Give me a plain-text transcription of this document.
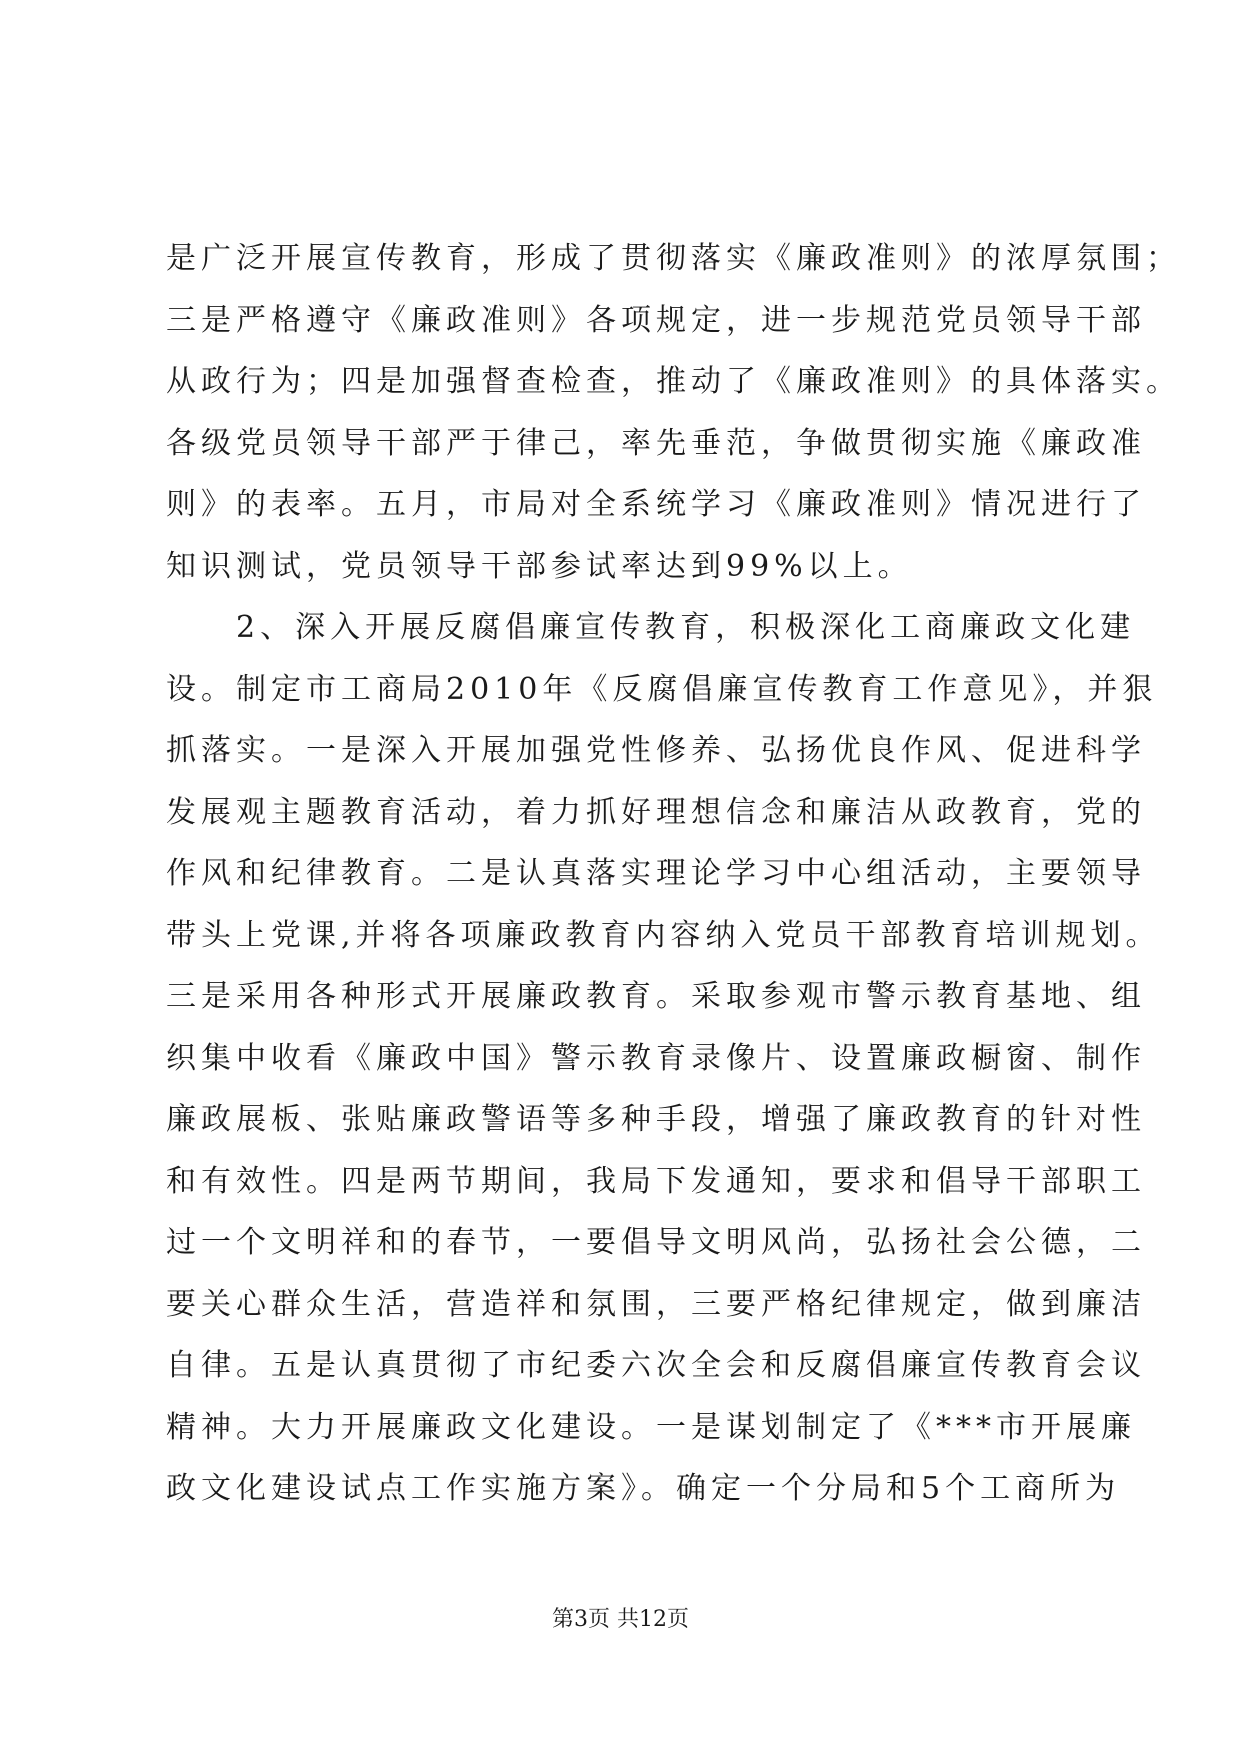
是广泛开展宣传教育，形成了贯彻落实《廉政准则》的浓厚氛围；
三是严格遵守《廉政准则》各项规定，进一步规范党员领导干部
从政行为；四是加强督查检查，推动了《廉政准则》的具体落实。
各级党员领导干部严于律己，率先垂范，争做贯彻实施《廉政准
则》的表率。五月，市局对全系统学习《廉政准则》情况进行了
知识测试，党员领导干部参试率达到99%以上。
　　2、深入开展反腐倡廉宣传教育，积极深化工商廉政文化建
设。制定市工商局2010年《反腐倡廉宣传教育工作意见》，并狠
抓落实。一是深入开展加强党性修养、弘扬优良作风、促进科学
发展观主题教育活动，着力抓好理想信念和廉洁从政教育，党的
作风和纪律教育。二是认真落实理论学习中心组活动，主要领导
带头上党课,并将各项廉政教育内容纳入党员干部教育培训规划。
三是采用各种形式开展廉政教育。采取参观市警示教育基地、组
织集中收看《廉政中国》警示教育录像片、设置廉政橱窗、制作
廉政展板、张贴廉政警语等多种手段，增强了廉政教育的针对性
和有效性。四是两节期间，我局下发通知，要求和倡导干部职工
过一个文明祥和的春节，一要倡导文明风尚，弘扬社会公德，二
要关心群众生活，营造祥和氛围，三要严格纪律规定，做到廉洁
自律。五是认真贯彻了市纪委六次全会和反腐倡廉宣传教育会议
精神。大力开展廉政文化建设。一是谋划制定了《***市开展廉
政文化建设试点工作实施方案》。确定一个分局和5个工商所为
第3页 共12页
